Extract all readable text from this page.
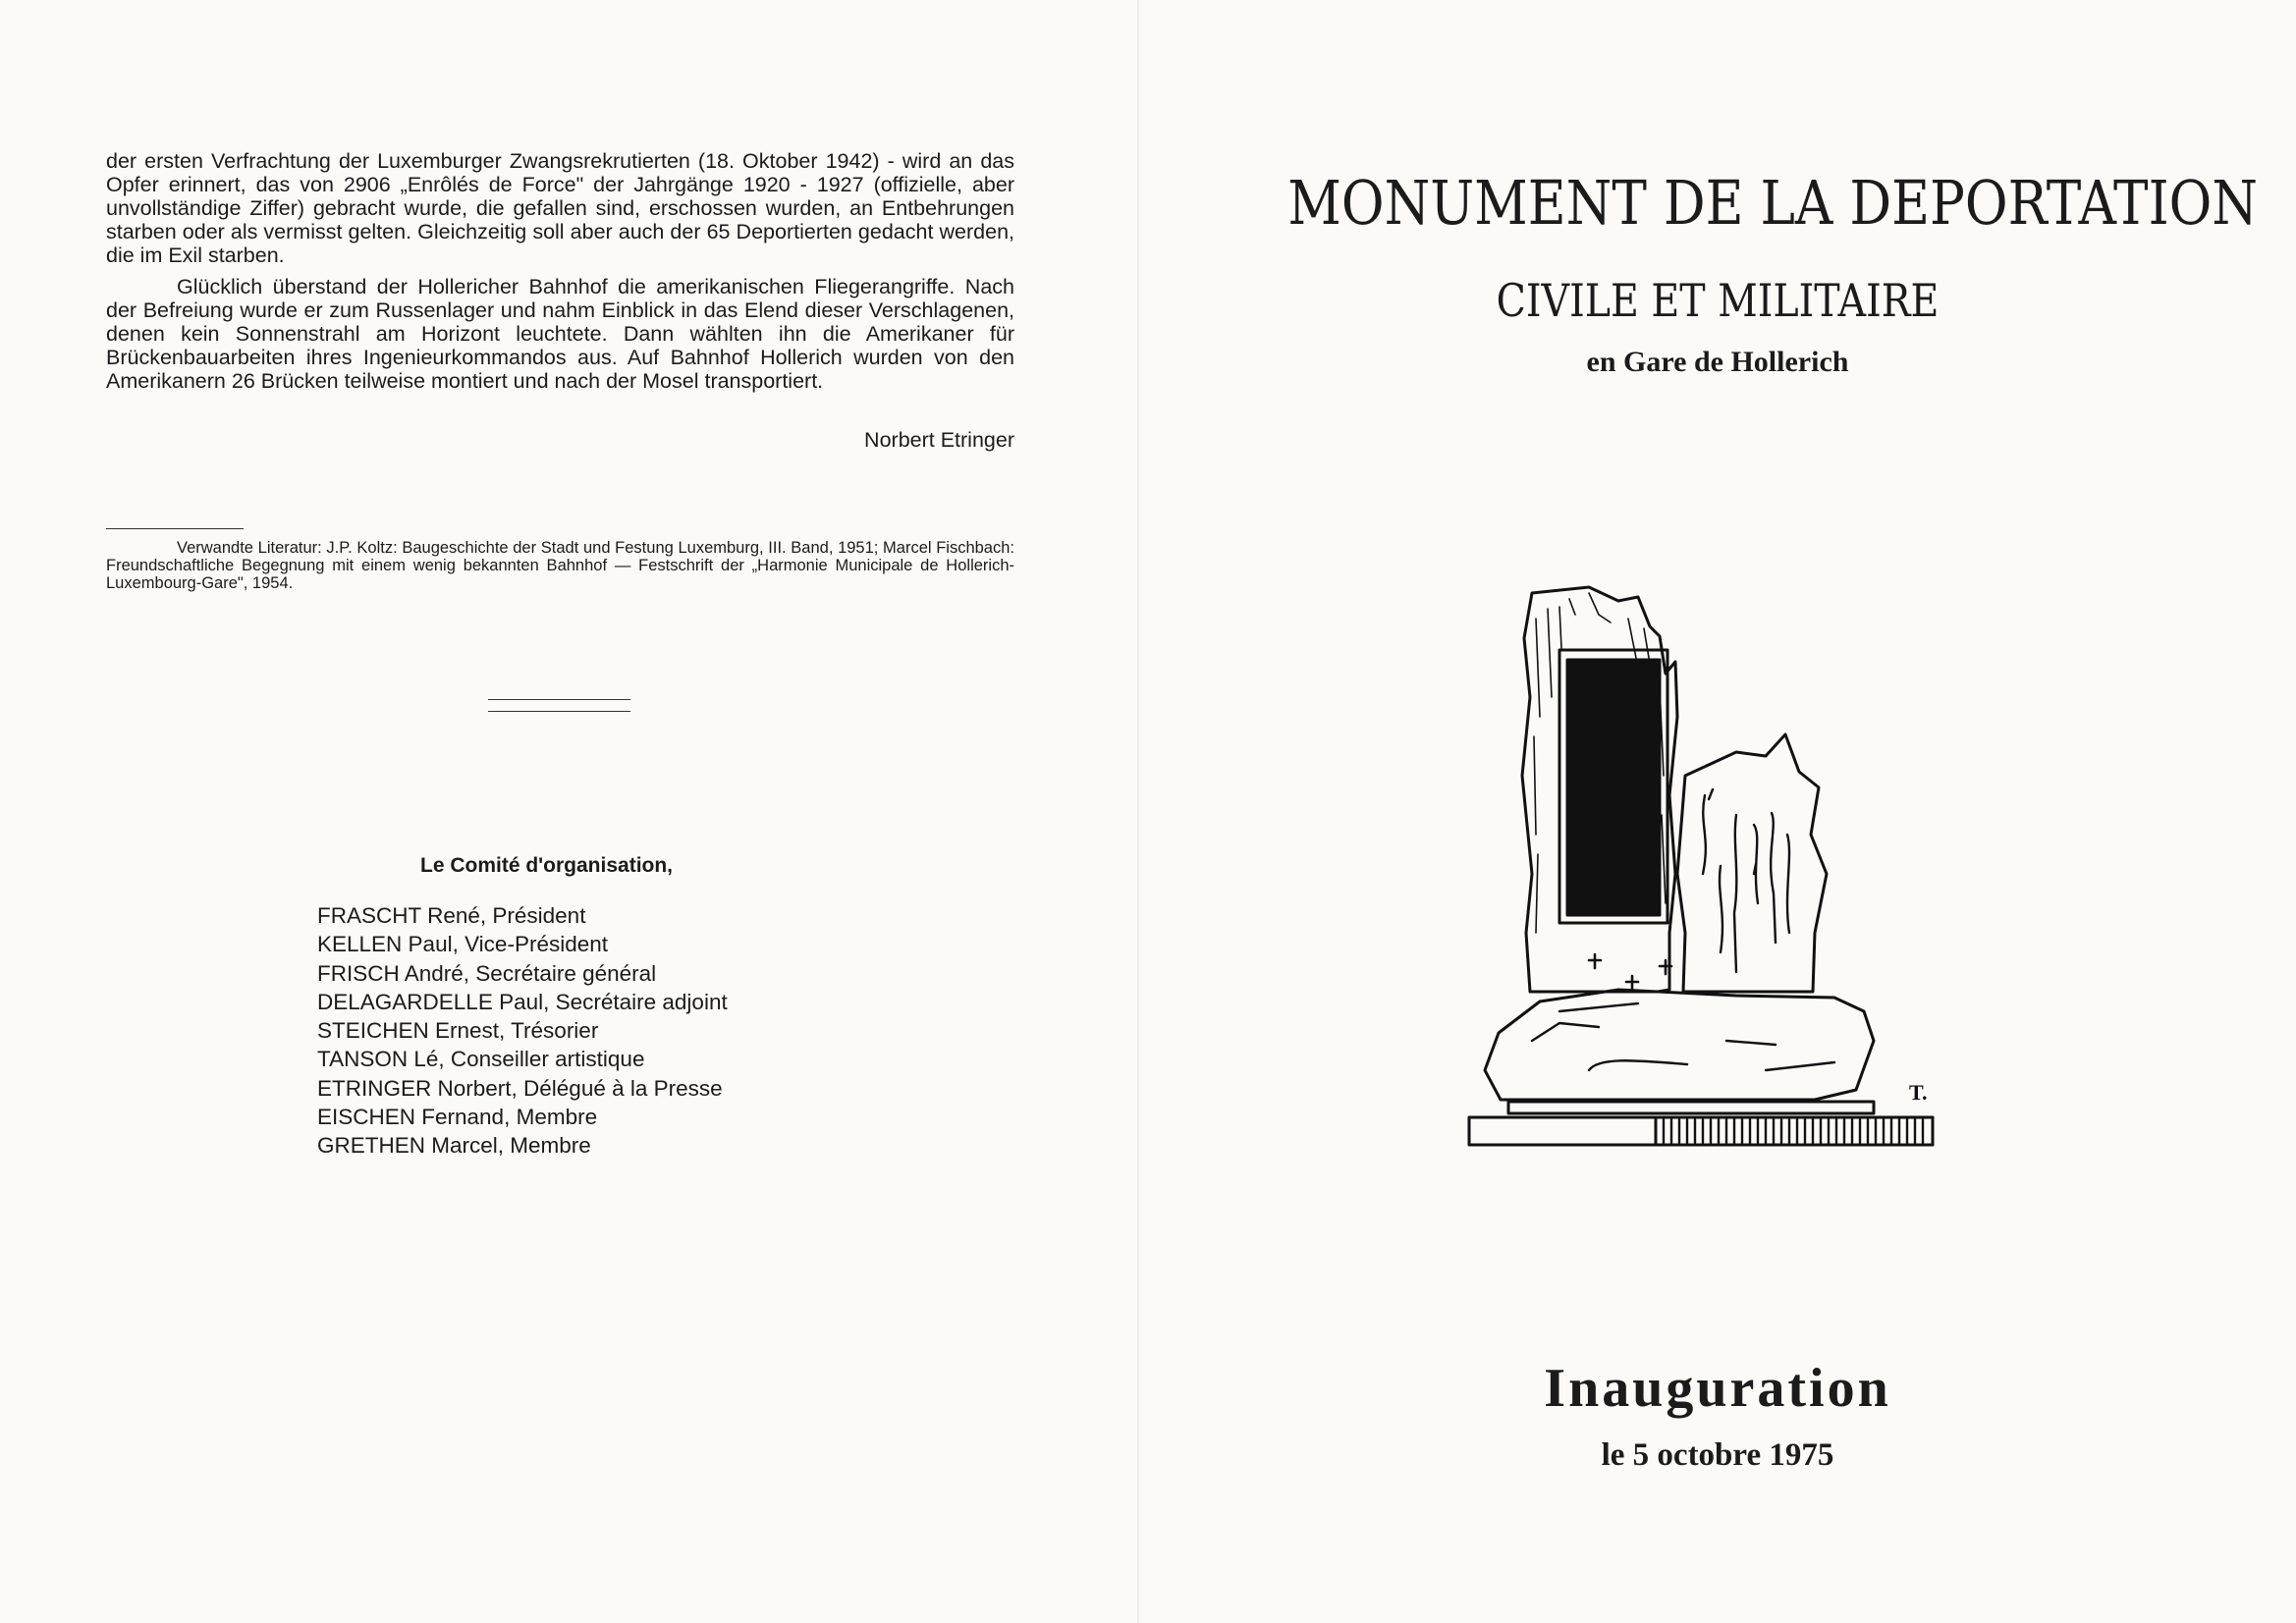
der ersten Verfrachtung der Luxemburger Zwangsrekrutierten (18. Oktober 1942) - wird an das Opfer erinnert, das von 2906 „Enrôlés de Force" der Jahrgänge 1920 - 1927 (offizielle, aber unvollständige Ziffer) gebracht wurde, die gefallen sind, erschossen wurden, an Entbehrungen starben oder als vermisst gelten. Gleichzeitig soll aber auch der 65 Deportierten gedacht werden, die im Exil starben.

Glücklich überstand der Hollericher Bahnhof die amerikanischen Fliegerangriffe. Nach der Befreiung wurde er zum Russenlager und nahm Einblick in das Elend dieser Verschlagenen, denen kein Sonnenstrahl am Horizont leuchtete. Dann wählten ihn die Amerikaner für Brückenbauarbeiten ihres Ingenieurkommandos aus. Auf Bahnhof Hollerich wurden von den Amerikanern 26 Brücken teilweise montiert und nach der Mosel transportiert.

Norbert Etringer

Verwandte Literatur: J.P. Koltz: Baugeschichte der Stadt und Festung Luxemburg, III. Band, 1951; Marcel Fischbach: Freundschaftliche Begegnung mit einem wenig bekannten Bahnhof — Festschrift der „Harmonie Municipale de Hollerich-Luxembourg-Gare", 1954.

Le Comité d'organisation,
FRASCHT René, Président
KELLEN Paul, Vice-Président
FRISCH André, Secrétaire général
DELAGARDELLE Paul, Secrétaire adjoint
STEICHEN Ernest, Trésorier
TANSON Lé, Conseiller artistique
ETRINGER Norbert, Délégué à la Presse
EISCHEN Fernand, Membre
GRETHEN Marcel, Membre
MONUMENT DE LA DEPORTATION
CIVILE ET MILITAIRE
en Gare de Hollerich
T.
Inauguration
le 5 octobre 1975
